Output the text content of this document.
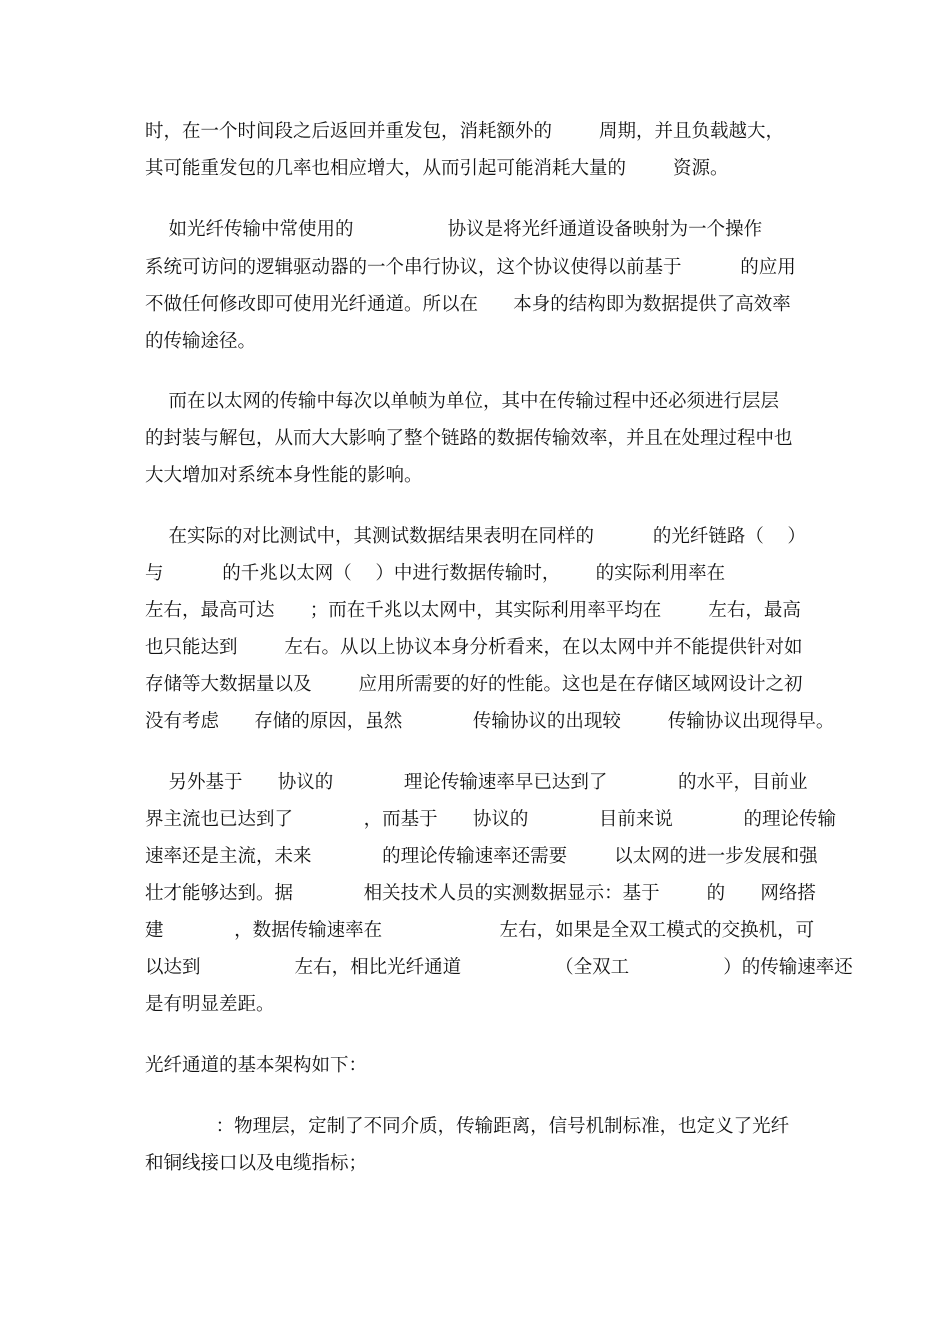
时，在一个时间段之后返回并重发包，消耗额外的        周期，并且负载越大，

其可能重发包的几率也相应增大，从而引起可能消耗大量的        资源。

如光纤传输中常使用的                协议是将光纤通道设备映射为一个操作

系统可访问的逻辑驱动器的一个串行协议，这个协议使得以前基于          的应用

不做任何修改即可使用光纤通道。所以在      本身的结构即为数据提供了高效率

的传输途径。

而在以太网的传输中每次以单帧为单位，其中在传输过程中还必须进行层层

的封装与解包，从而大大影响了整个链路的数据传输效率，并且在处理过程中也

大大增加对系统本身性能的影响。

在实际的对比测试中，其测试数据结果表明在同样的          的光纤链路（    ）

与          的千兆以太网（    ）中进行数据传输时，      的实际利用率在

左右，最高可达      ；而在千兆以太网中，其实际利用率平均在        左右，最高

也只能达到        左右。从以上协议本身分析看来，在以太网中并不能提供针对如

存储等大数据量以及        应用所需要的好的性能。这也是在存储区域网设计之初

没有考虑      存储的原因，虽然            传输协议的出现较        传输协议出现得早。

另外基于      协议的            理论传输速率早已达到了            的水平，目前业

界主流也已达到了            ，而基于      协议的            目前来说            的理论传输

速率还是主流，未来            的理论传输速率还需要        以太网的进一步发展和强

壮才能够达到。据            相关技术人员的实测数据显示：基于        的      网络搭

建            ，数据传输速率在                    左右，如果是全双工模式的交换机，可

以达到                左右，相比光纤通道                （全双工                ）的传输速率还

是有明显差距。

光纤通道的基本架构如下：

：物理层，定制了不同介质，传输距离，信号机制标准，也定义了光纤

和铜线接口以及电缆指标；
